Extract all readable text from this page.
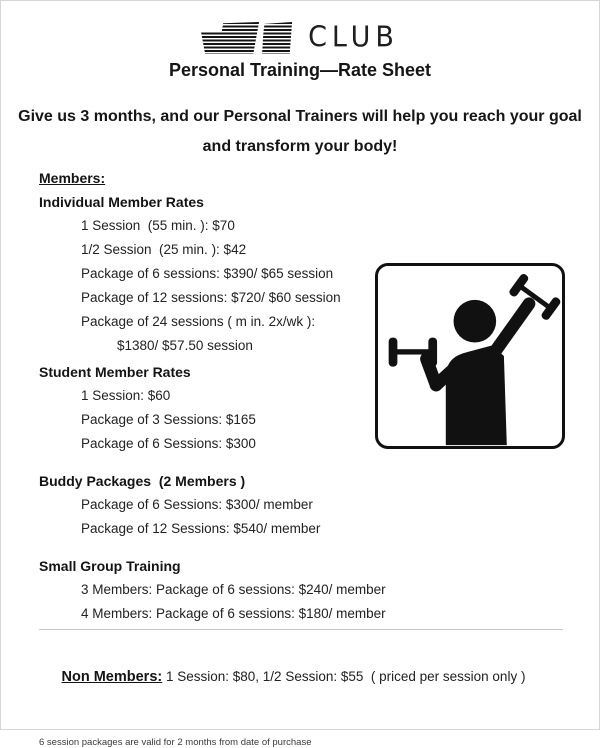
CLUB
Personal Training—Rate Sheet
Give us 3 months, and our Personal Trainers will help you reach your goal
and transform your body!
Members:
Individual Member Rates
1 Session  (55 min. ): $70
1/2 Session  (25 min. ): $42
Package of 6 sessions: $390/ $65 session
Package of 12 sessions: $720/ $60 session
Package of 24 sessions ( m in. 2x/wk ):
$1380/ $57.50 session
Student Member Rates
1 Session: $60
Package of 3 Sessions: $165
Package of 6 Sessions: $300
Buddy Packages  (2 Members )
Package of 6 Sessions: $300/ member
Package of 12 Sessions: $540/ member
Small Group Training
3 Members: Package of 6 sessions: $240/ member
4 Members: Package of 6 sessions: $180/ member

Non Members: 1 Session: $80, 1/2 Session: $55  ( priced per session only )

6 session packages are valid for 2 months from date of purchase
